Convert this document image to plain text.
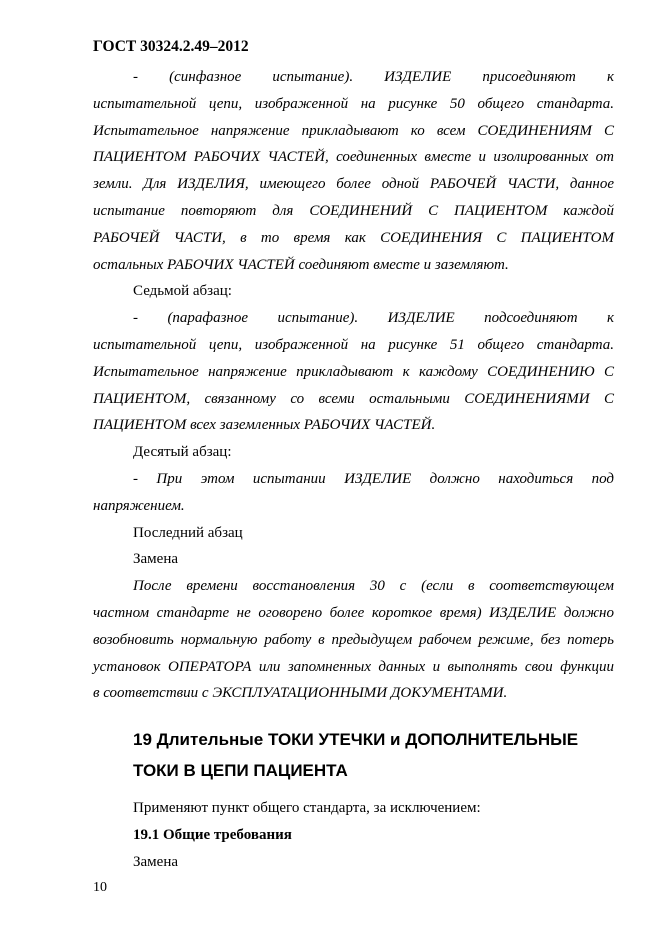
ГОСТ 30324.2.49–2012

- (синфазное испытание). ИЗДЕЛИЕ присоединяют к

испытательной цепи, изображенной на рисунке 50 общего стандарта.

Испытательное напряжение прикладывают ко всем СОЕДИНЕНИЯМ С

ПАЦИЕНТОМ РАБОЧИХ ЧАСТЕЙ, соединенных вместе и изолированных от

земли. Для ИЗДЕЛИЯ, имеющего более одной РАБОЧЕЙ ЧАСТИ, данное

испытание повторяют для СОЕДИНЕНИЙ С ПАЦИЕНТОМ каждой

РАБОЧЕЙ ЧАСТИ, в то время как СОЕДИНЕНИЯ С ПАЦИЕНТОМ

остальных РАБОЧИХ ЧАСТЕЙ соединяют вместе и заземляют.

Седьмой абзац:

- (парафазное испытание). ИЗДЕЛИЕ подсоединяют к

испытательной цепи, изображенной на рисунке 51 общего стандарта.

Испытательное напряжение прикладывают к каждому СОЕДИНЕНИЮ С

ПАЦИЕНТОМ, связанному со всеми остальными СОЕДИНЕНИЯМИ С

ПАЦИЕНТОМ всех заземленных РАБОЧИХ ЧАСТЕЙ.

Десятый абзац:

- При этом испытании ИЗДЕЛИЕ должно находиться под

напряжением.

Последний абзац

Замена

После времени восстановления 30 с (если в соответствующем

частном стандарте не оговорено более короткое время) ИЗДЕЛИЕ должно

возобновить нормальную работу в предыдущем рабочем режиме, без потерь

установок ОПЕРАТОРА или запомненных данных и выполнять свои функции

в соответствии с ЭКСПЛУАТАЦИОННЫМИ ДОКУМЕНТАМИ.

19 Длительные ТОКИ УТЕЧКИ и ДОПОЛНИТЕЛЬНЫЕ
ТОКИ В ЦЕПИ ПАЦИЕНТА

Применяют пункт общего стандарта, за исключением:

19.1 Общие требования

Замена

10
